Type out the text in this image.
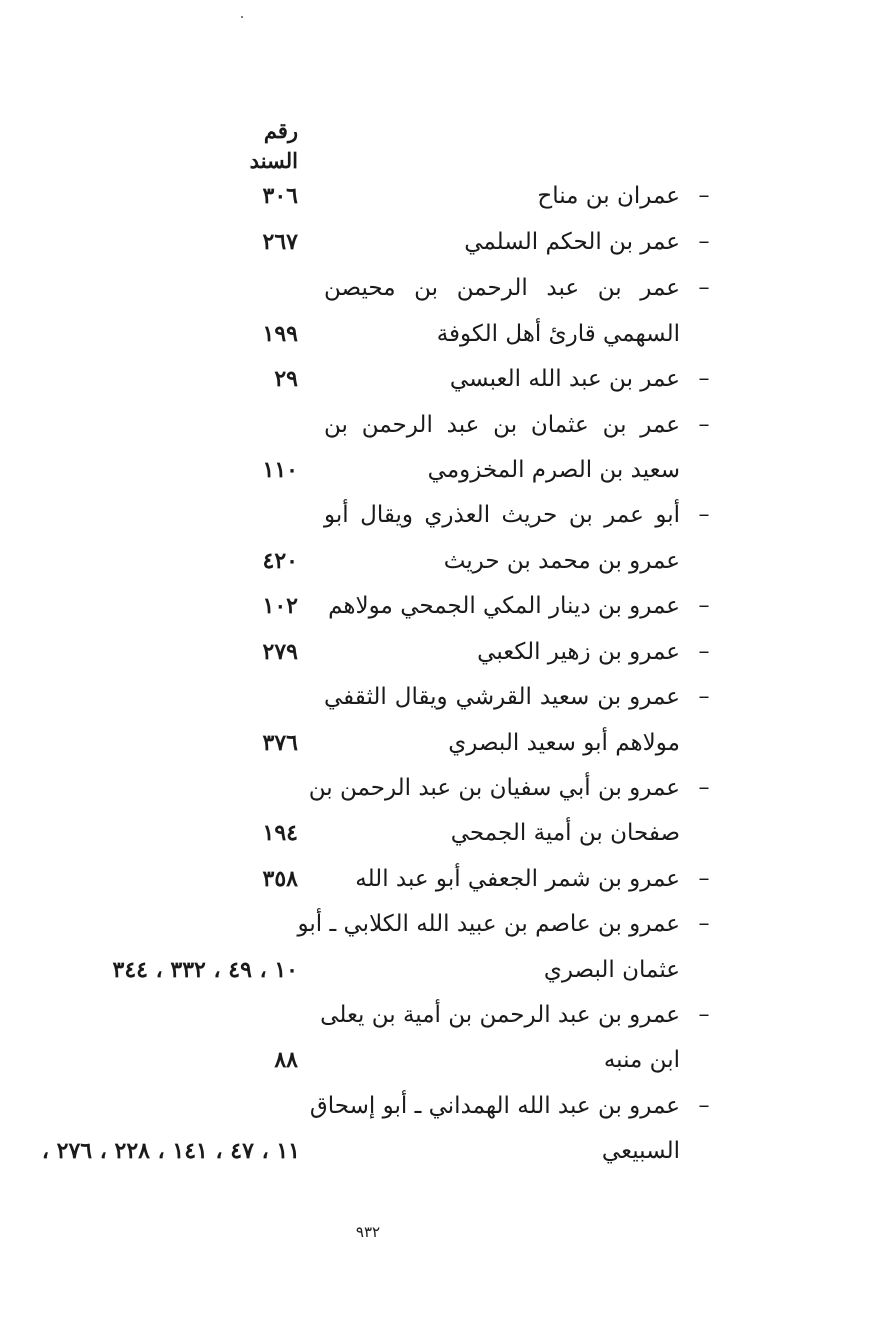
رقم السند
–
عمران بن مناح
٣٠٦
–
عمر بن الحكم السلمي
٢٦٧
–
عمر بن عبد الرحمن بن محيصن
السهمي قارئ أهل الكوفة
١٩٩
–
عمر بن عبد الله العبسي
٢٩
–
عمر بن عثمان بن عبد الرحمن بن
سعيد بن الصرم المخزومي
١١٠
–
أبو عمر بن حريث العذري ويقال أبو
عمرو بن محمد بن حريث
٤٢٠
–
عمرو بن دينار المكي الجمحي مولاهم
١٠٢
–
عمرو بن زهير الكعبي
٢٧٩
–
عمرو بن سعيد القرشي ويقال الثقفي
مولاهم أبو سعيد البصري
٣٧٦
–
عمرو بن أبي سفيان بن عبد الرحمن بن
صفحان بن أمية الجمحي
١٩٤
–
عمرو بن شمر الجعفي أبو عبد الله
٣٥٨
–
عمرو بن عاصم بن عبيد الله الكلابي ـ أبو
عثمان البصري
١٠ ، ٤٩ ، ٣٣٢ ، ٣٤٤
–
عمرو بن عبد الرحمن بن أمية بن يعلى
ابن منبه
٨٨
–
عمرو بن عبد الله الهمداني ـ أبو إسحاق
السبيعي
١١ ، ٤٧ ، ١٤١ ، ٢٢٨ ، ٢٧٦ ،
٩٣٢
